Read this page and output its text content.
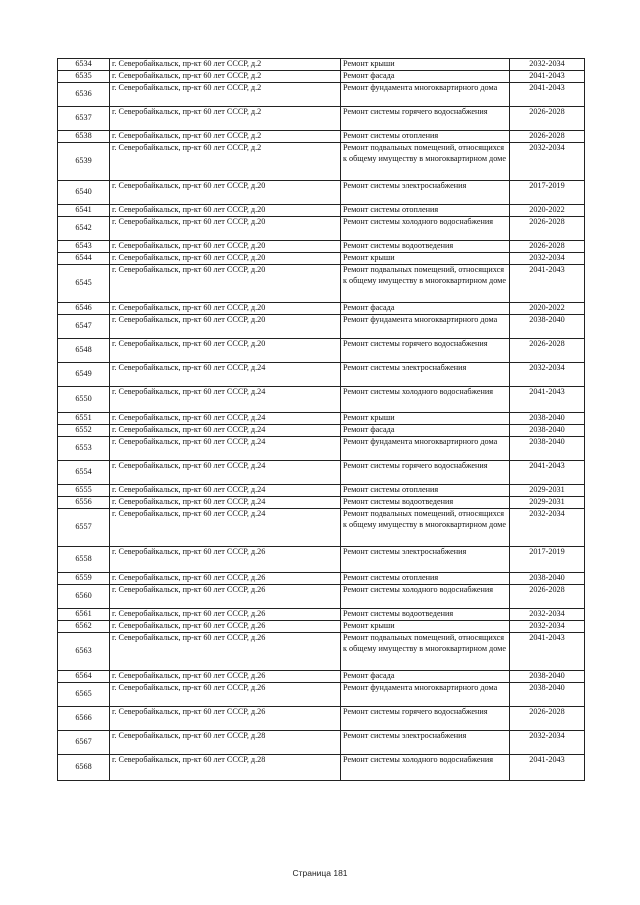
6534	г. Северобайкальск, пр-кт 60 лет СССР, д.2	Ремонт крыши	2032-2034
6535	г. Северобайкальск, пр-кт 60 лет СССР, д.2	Ремонт фасада	2041-2043
6536	г. Северобайкальск, пр-кт 60 лет СССР, д.2	Ремонт фундамента многоквартирного дома	2041-2043
6537	г. Северобайкальск, пр-кт 60 лет СССР, д.2	Ремонт системы горячего водоснабжения	2026-2028
6538	г. Северобайкальск, пр-кт 60 лет СССР, д.2	Ремонт системы отопления	2026-2028
6539	г. Северобайкальск, пр-кт 60 лет СССР, д.2	Ремонт подвальных помещений, относящихся к общему имуществу в многоквартирном доме	2032-2034
6540	г. Северобайкальск, пр-кт 60 лет СССР, д.20	Ремонт системы электроснабжения	2017-2019
6541	г. Северобайкальск, пр-кт 60 лет СССР, д.20	Ремонт системы отопления	2020-2022
6542	г. Северобайкальск, пр-кт 60 лет СССР, д.20	Ремонт системы холодного водоснабжения	2026-2028
6543	г. Северобайкальск, пр-кт 60 лет СССР, д.20	Ремонт системы водоотведения	2026-2028
6544	г. Северобайкальск, пр-кт 60 лет СССР, д.20	Ремонт крыши	2032-2034
6545	г. Северобайкальск, пр-кт 60 лет СССР, д.20	Ремонт подвальных помещений, относящихся к общему имуществу в многоквартирном доме	2041-2043
6546	г. Северобайкальск, пр-кт 60 лет СССР, д.20	Ремонт фасада	2020-2022
6547	г. Северобайкальск, пр-кт 60 лет СССР, д.20	Ремонт фундамента многоквартирного дома	2038-2040
6548	г. Северобайкальск, пр-кт 60 лет СССР, д.20	Ремонт системы горячего водоснабжения	2026-2028
6549	г. Северобайкальск, пр-кт 60 лет СССР, д.24	Ремонт системы электроснабжения	2032-2034
6550	г. Северобайкальск, пр-кт 60 лет СССР, д.24	Ремонт системы холодного водоснабжения	2041-2043
6551	г. Северобайкальск, пр-кт 60 лет СССР, д.24	Ремонт крыши	2038-2040
6552	г. Северобайкальск, пр-кт 60 лет СССР, д.24	Ремонт фасада	2038-2040
6553	г. Северобайкальск, пр-кт 60 лет СССР, д.24	Ремонт фундамента многоквартирного дома	2038-2040
6554	г. Северобайкальск, пр-кт 60 лет СССР, д.24	Ремонт системы горячего водоснабжения	2041-2043
6555	г. Северобайкальск, пр-кт 60 лет СССР, д.24	Ремонт системы отопления	2029-2031
6556	г. Северобайкальск, пр-кт 60 лет СССР, д.24	Ремонт системы водоотведения	2029-2031
6557	г. Северобайкальск, пр-кт 60 лет СССР, д.24	Ремонт подвальных помещений, относящихся к общему имуществу в многоквартирном доме	2032-2034
6558	г. Северобайкальск, пр-кт 60 лет СССР, д.26	Ремонт системы электроснабжения	2017-2019
6559	г. Северобайкальск, пр-кт 60 лет СССР, д.26	Ремонт системы отопления	2038-2040
6560	г. Северобайкальск, пр-кт 60 лет СССР, д.26	Ремонт системы холодного водоснабжения	2026-2028
6561	г. Северобайкальск, пр-кт 60 лет СССР, д.26	Ремонт системы водоотведения	2032-2034
6562	г. Северобайкальск, пр-кт 60 лет СССР, д.26	Ремонт крыши	2032-2034
6563	г. Северобайкальск, пр-кт 60 лет СССР, д.26	Ремонт подвальных помещений, относящихся к общему имуществу в многоквартирном доме	2041-2043
6564	г. Северобайкальск, пр-кт 60 лет СССР, д.26	Ремонт фасада	2038-2040
6565	г. Северобайкальск, пр-кт 60 лет СССР, д.26	Ремонт фундамента многоквартирного дома	2038-2040
6566	г. Северобайкальск, пр-кт 60 лет СССР, д.26	Ремонт системы горячего водоснабжения	2026-2028
6567	г. Северобайкальск, пр-кт 60 лет СССР, д.28	Ремонт системы электроснабжения	2032-2034
6568	г. Северобайкальск, пр-кт 60 лет СССР, д.28	Ремонт системы холодного водоснабжения	2041-2043
Страница 181
